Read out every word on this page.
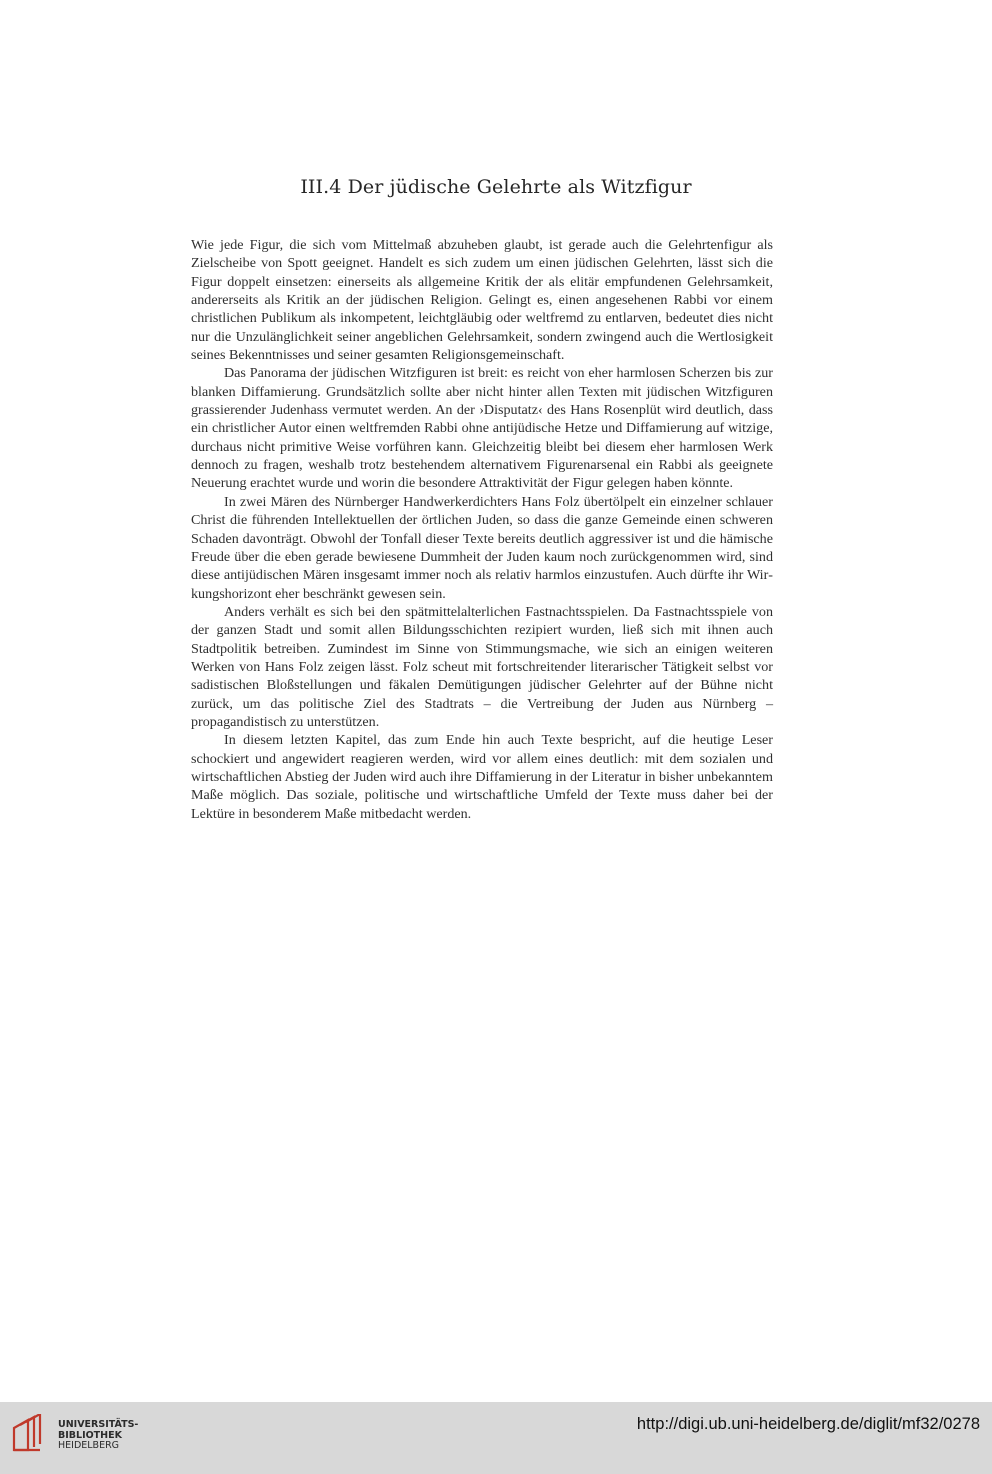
III.4 Der jüdische Gelehrte als Witzfigur

Wie jede Figur, die sich vom Mittelmaß abzuheben glaubt, ist gerade auch die Gelehrtenfigur als Zielscheibe von Spott geeignet. Handelt es sich zudem um einen jüdischen Gelehrten, lässt sich die Figur doppelt einsetzen: einerseits als allgemeine Kritik der als elitär empfundenen Gelehrsamkeit, andererseits als Kritik an der jüdischen Religion. Gelingt es, einen angesehenen Rabbi vor einem christlichen Publikum als inkompetent, leichtgläubig oder weltfremd zu entlarven, bedeutet dies nicht nur die Unzulänglichkeit seiner angeblichen Gelehrsamkeit, sondern zwingend auch die Wertlosigkeit seines Bekenntnisses und seiner gesamten Religionsgemeinschaft.

Das Panorama der jüdischen Witzfiguren ist breit: es reicht von eher harmlosen Scherzen bis zur blanken Diffamierung. Grundsätzlich sollte aber nicht hinter allen Texten mit jüdischen Witzfiguren grassierender Judenhass vermutet werden. An der ›Disputatz‹ des Hans Rosenplüt wird deutlich, dass ein christlicher Autor einen weltfremden Rabbi ohne antijüdische Hetze und Diffamierung auf witzige, durchaus nicht primitive Weise vorführen kann. Gleichzeitig bleibt bei diesem eher harmlosen Werk dennoch zu fragen, weshalb trotz bestehendem alternativem Figurenarsenal ein Rabbi als geeignete Neuerung erachtet wurde und worin die besondere Attraktivität der Figur gelegen haben könnte.

In zwei Mären des Nürnberger Handwerkerdichters Hans Folz übertölpelt ein einzelner schlauer Christ die führenden Intellektuellen der örtlichen Juden, so dass die ganze Gemeinde einen schweren Schaden davonträgt. Obwohl der Tonfall dieser Texte bereits deutlich aggressiver ist und die hämische Freude über die eben gerade bewiesene Dummheit der Juden kaum noch zurückgenommen wird, sind diese antijüdischen Mären insgesamt immer noch als relativ harmlos einzustufen. Auch dürfte ihr Wirkungshorizont eher beschränkt gewesen sein.

Anders verhält es sich bei den spätmittelalterlichen Fastnachtsspielen. Da Fastnachtsspiele von der ganzen Stadt und somit allen Bildungsschichten rezipiert wurden, ließ sich mit ihnen auch Stadtpolitik betreiben. Zumindest im Sinne von Stimmungsmache, wie sich an einigen weiteren Werken von Hans Folz zeigen lässt. Folz scheut mit fortschreitender literarischer Tätigkeit selbst vor sadistischen Bloßstellungen und fäkalen Demütigungen jüdischer Gelehrter auf der Bühne nicht zurück, um das politische Ziel des Stadtrats – die Vertreibung der Juden aus Nürnberg – propagandistisch zu unterstützen.

In diesem letzten Kapitel, das zum Ende hin auch Texte bespricht, auf die heutige Leser schockiert und angewidert reagieren werden, wird vor allem eines deutlich: mit dem sozialen und wirtschaftlichen Abstieg der Juden wird auch ihre Diffamierung in der Literatur in bisher unbekanntem Maße möglich. Das soziale, politische und wirtschaftliche Umfeld der Texte muss daher bei der Lektüre in besonderem Maße mitbedacht werden.

UNIVERSITÄTS-
BIBLIOTHEK
HEIDELBERG
http://digi.ub.uni-heidelberg.de/diglit/mf32/0278
